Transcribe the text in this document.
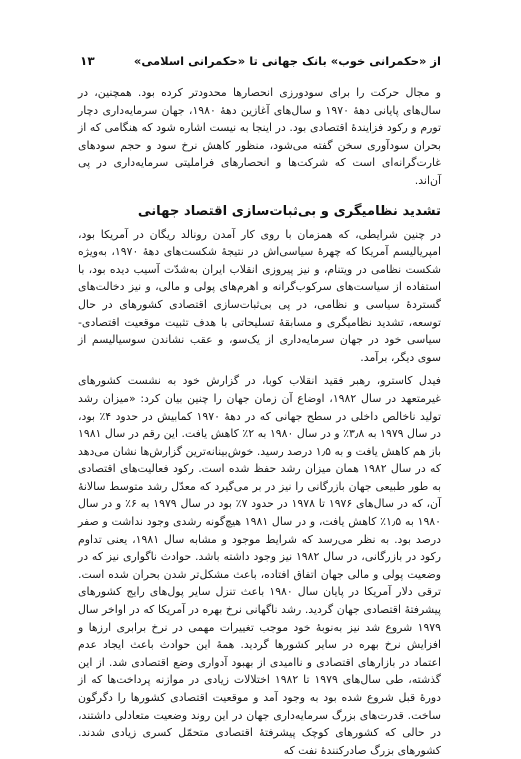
از «حکمرانی خوب» بانک جهانی تا «حکمرانی اسلامی»
۱۳

و مجال حرکت را برای سودورزی انحصارها محدودتر کرده بود. همچنین، در سال‌های پایانی دههٔ ۱۹۷۰ و سال‌های آغازین دههٔ ۱۹۸۰، جهان سرمایه‌داری دچار تورم و رکود فزایندهٔ اقتصادی بود. در اینجا به نیست اشاره شود که هنگامی که از بحران سودآوری سخن گفته می‌شود، منظور کاهش نرخ سود و حجم سودهای غارت‌گرانه‌ای است که شرکت‌ها و انحصارهای فراملیتی سرمایه‌داری در پی آن‌اند.

تشدید نظامیگری و بی‌ثبات‌سازی اقتصاد جهانی

در چنین شرایطی، که همزمان با روی کار آمدن رونالد ریگان در آمریکا بود، امپریالیسم آمریکا که چهرهٔ سیاسی‌اش در نتیجهٔ شکست‌های دههٔ ۱۹۷۰، به‌ویژه شکست نظامی در ویتنام، و نیز پیروزی انقلاب ایران به‌شدّت آسیب دیده بود، با استفاده از سیاست‌های سرکوب‌گرانه و اهرم‌های پولی و مالی، و نیز دخالت‌های گستردهٔ سیاسی و نظامی، در پی بی‌ثبات‌سازی اقتصادی کشورهای در حال توسعه، تشدید نظامیگری و مسابقهٔ تسلیحاتی با هدف تثبیت موقعیت اقتصادی-سیاسی خود در جهان سرمایه‌داری از یک‌سو، و عقب نشاندن سوسیالیسم از سوی دیگر، برآمد.

فیدل کاسترو، رهبر فقید انقلاب کوبا، در گزارش خود به نشست کشورهای غیرمتعهد در سال ۱۹۸۲، اوضاع آن زمان جهان را چنین بیان کرد: «میزان رشد تولید ناخالص داخلی در سطح جهانی که در دههٔ ۱۹۷۰ کمابیش در حدود ۴٪ بود، در سال ۱۹۷۹ به ۳٫۸٪ و در سال ۱۹۸۰ به ۲٪ کاهش یافت. این رقم در سال ۱۹۸۱ باز هم کاهش یافت و به ۱٫۵ درصد رسید. خوش‌بینانه‌ترین گزارش‌ها نشان می‌دهد که در سال ۱۹۸۲ همان میزان رشد حفظ شده است. رکود فعالیت‌های اقتصادی به طور طبیعی جهان بازرگانی را نیز در بر می‌گیرد که معدّل رشد متوسط سالانهٔ آن، که در سال‌های ۱۹۷۶ تا ۱۹۷۸ در حدود ۷٪ بود در سال ۱۹۷۹ به ۶٪ و در سال ۱۹۸۰ به ۱٫۵٪ کاهش یافت، و در سال ۱۹۸۱ هیچ‌گونه رشدی وجود نداشت و صفر درصد بود. به نظر می‌رسد که شرایط موجود و مشابه سال ۱۹۸۱، یعنی تداوم رکود در بازرگانی، در سال ۱۹۸۲ نیز وجود داشته باشد. حوادث ناگواری نیز که در وضعیت پولی و مالی جهان اتفاق افتاده، باعث مشکل‌تر شدن بحران شده است. ترقی دلار آمریکا در پایان سال ۱۹۸۰ باعث تنزل سایر پول‌های رایج کشورهای پیشرفتهٔ اقتصادی جهان گردید. رشد ناگهانی نرخ بهره در آمریکا که در اواخر سال ۱۹۷۹ شروع شد نیز به‌نوبهٔ خود موجب تغییرات مهمی در نرخ برابری ارزها و افزایش نرخ بهره در سایر کشورها گردید. همهٔ این حوادث باعث ایجاد عدم اعتماد در بازارهای اقتصادی و ناامیدی از بهبود آدواری وضع اقتصادی شد. از این گذشته، طی سال‌های ۱۹۷۹ تا ۱۹۸۲ اختلالات زیادی در موازنه پرداخت‌ها که از دورهٔ قبل شروع شده بود به وجود آمد و موقعیت اقتصادی کشورها را دگرگون ساخت. قدرت‌های بزرگ سرمایه‌داری جهان در این روند وضعیت متعادلی داشتند، در حالی که کشورهای کوچک پیشرفتهٔ اقتصادی متحمّل کسری زیادی شدند. کشورهای بزرگ صادرکنندهٔ نفت که
